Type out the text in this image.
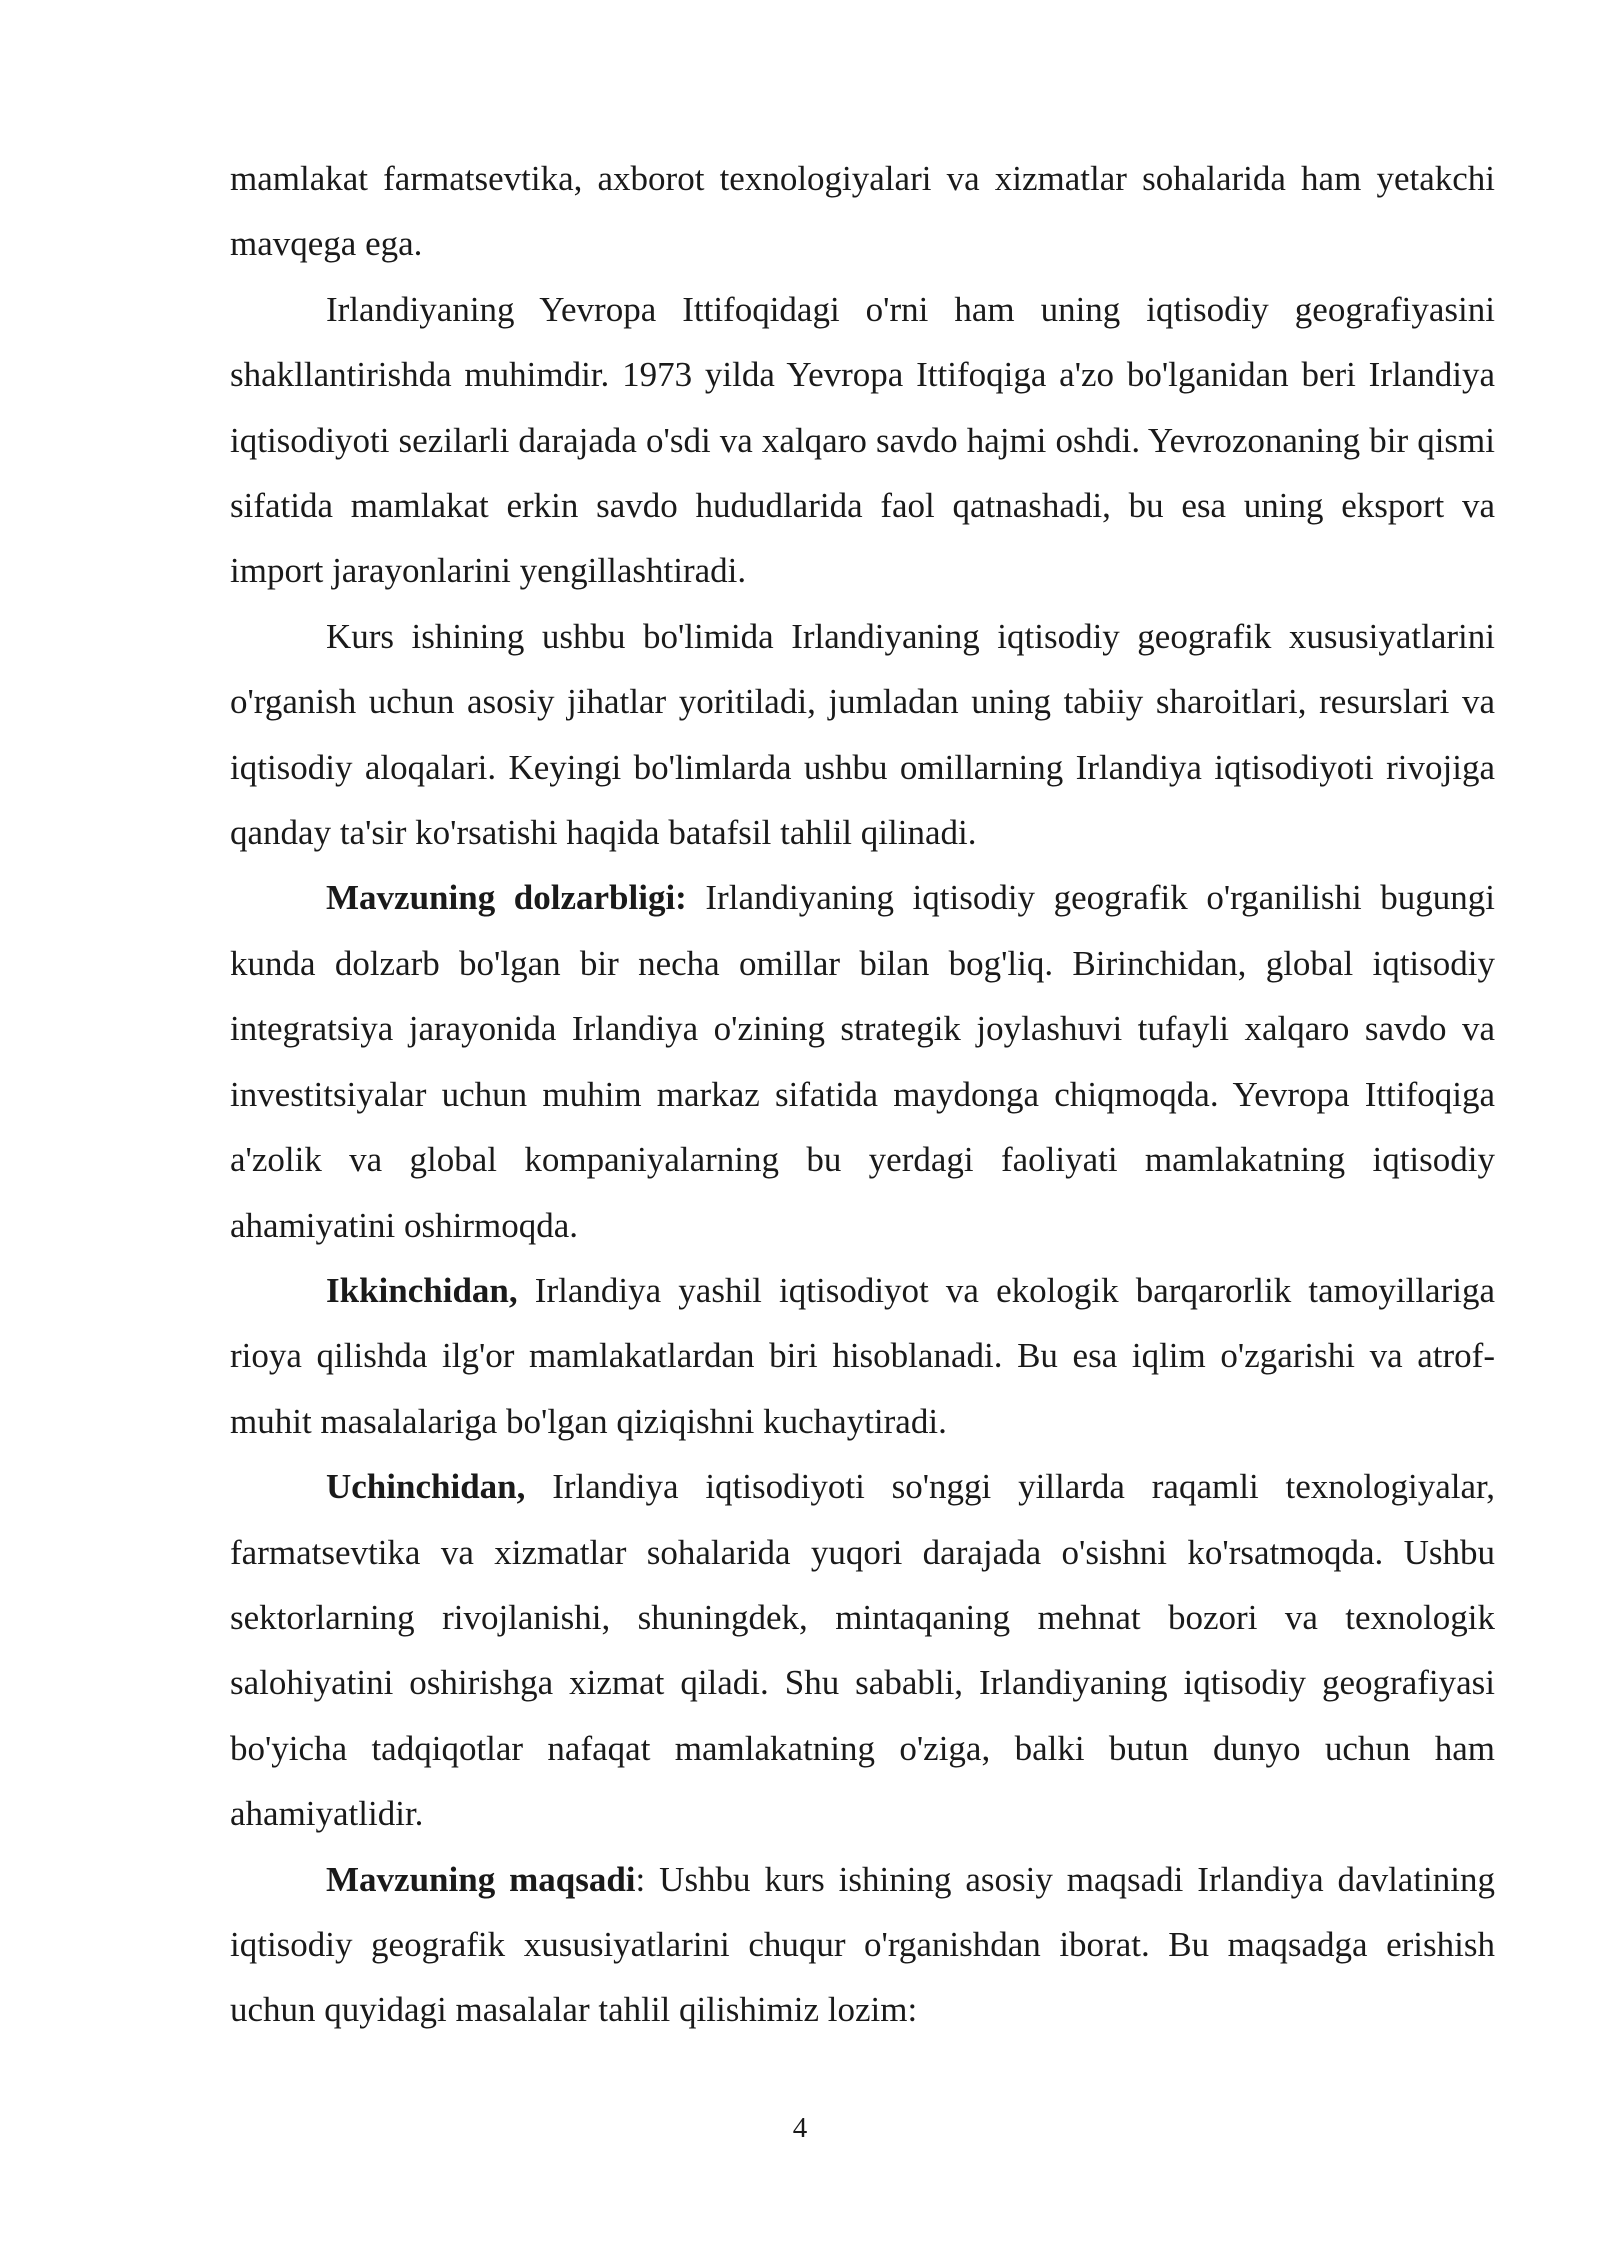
mamlakat farmatsevtika, axborot texnologiyalari va xizmatlar sohalarida ham yetakchi mavqega ega.

Irlandiyaning Yevropa Ittifoqidagi o'rni ham uning iqtisodiy geografiyasini shakllantirishda muhimdir. 1973 yilda Yevropa Ittifoqiga a'zo bo'lganidan beri Irlandiya iqtisodiyoti sezilarli darajada o'sdi va xalqaro savdo hajmi oshdi. Yevrozonaning bir qismi sifatida mamlakat erkin savdo hududlarida faol qatnashadi, bu esa uning eksport va import jarayonlarini yengillashtiradi.

Kurs ishining ushbu bo'limida Irlandiyaning iqtisodiy geografik xususiyatlarini o'rganish uchun asosiy jihatlar yoritiladi, jumladan uning tabiiy sharoitlari, resurslari va iqtisodiy aloqalari. Keyingi bo'limlarda ushbu omillarning Irlandiya iqtisodiyoti rivojiga qanday ta'sir ko'rsatishi haqida batafsil tahlil qilinadi.

Mavzuning dolzarbligi: Irlandiyaning iqtisodiy geografik o'rganilishi bugungi kunda dolzarb bo'lgan bir necha omillar bilan bog'liq. Birinchidan, global iqtisodiy integratsiya jarayonida Irlandiya o'zining strategik joylashuvi tufayli xalqaro savdo va investitsiyalar uchun muhim markaz sifatida maydonga chiqmoqda. Yevropa Ittifoqiga a'zolik va global kompaniyalarning bu yerdagi faoliyati mamlakatning iqtisodiy ahamiyatini oshirmoqda.

Ikkinchidan, Irlandiya yashil iqtisodiyot va ekologik barqarorlik tamoyillariga rioya qilishda ilg'or mamlakatlardan biri hisoblanadi. Bu esa iqlim o'zgarishi va atrof-muhit masalalariga bo'lgan qiziqishni kuchaytiradi.

Uchinchidan, Irlandiya iqtisodiyoti so'nggi yillarda raqamli texnologiyalar, farmatsevtika va xizmatlar sohalarida yuqori darajada o'sishni ko'rsatmoqda. Ushbu sektorlarning rivojlanishi, shuningdek, mintaqaning mehnat bozori va texnologik salohiyatini oshirishga xizmat qiladi. Shu sababli, Irlandiyaning iqtisodiy geografiyasi bo'yicha tadqiqotlar nafaqat mamlakatning o'ziga, balki butun dunyo uchun ham ahamiyatlidir.

Mavzuning maqsadi: Ushbu kurs ishining asosiy maqsadi Irlandiya davlatining iqtisodiy geografik xususiyatlarini chuqur o'rganishdan iborat. Bu maqsadga erishish uchun quyidagi masalalar tahlil qilishimiz lozim:

4
